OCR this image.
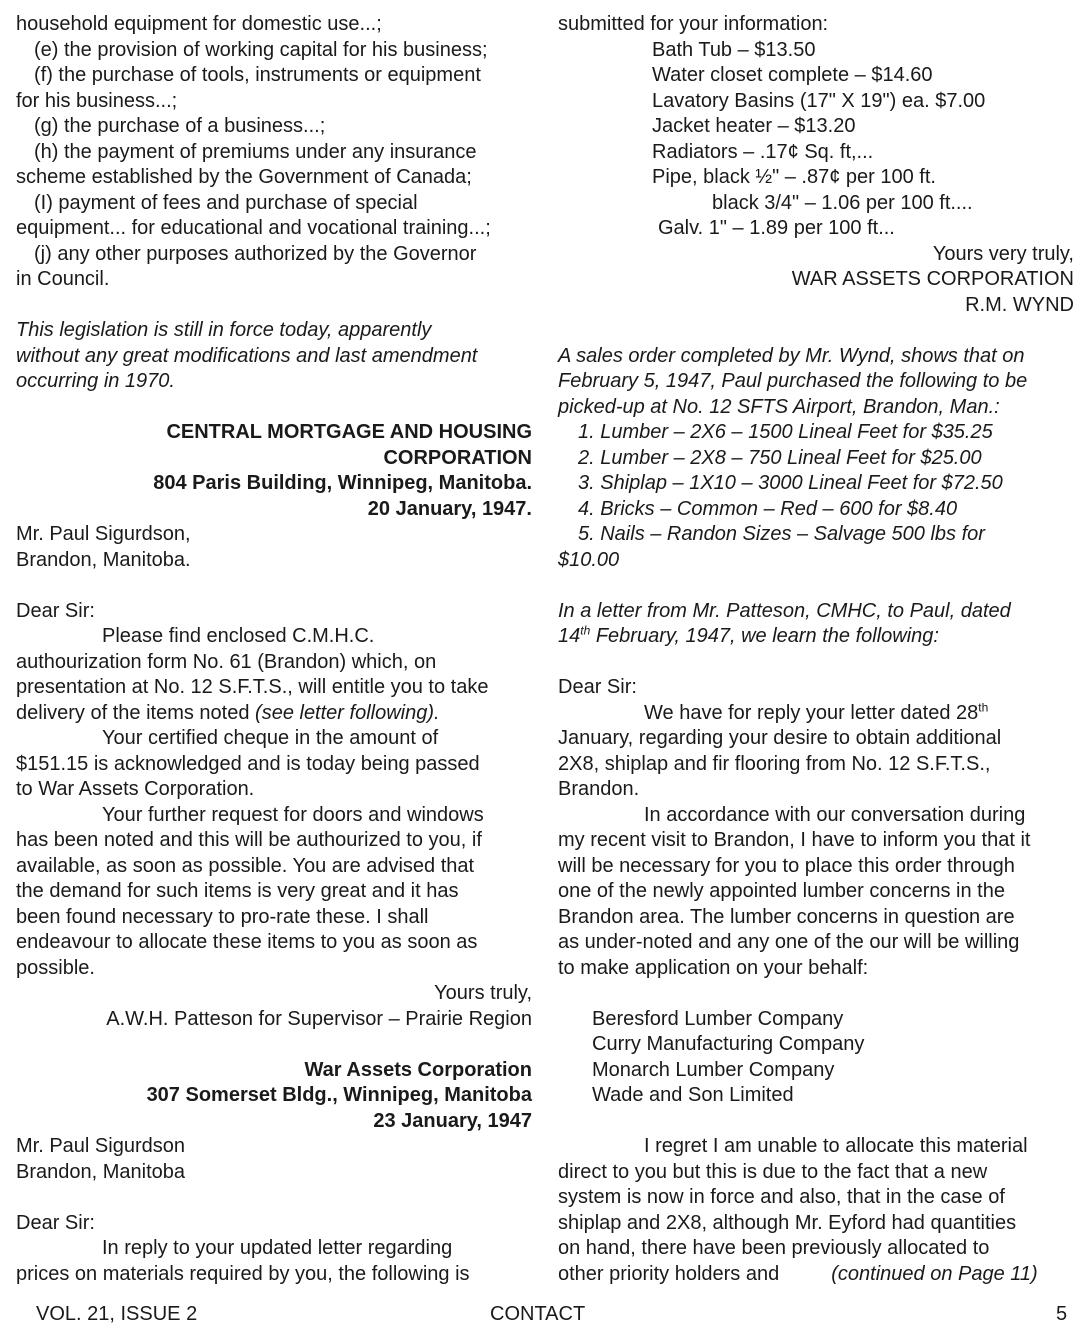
household equipment for domestic use...;

(e) the provision of working capital for his business;

(f) the purchase of tools, instruments or equipment

for his business...;

(g) the purchase of a business...;

(h) the payment of premiums under any insurance

scheme established by the Government of Canada;

(I) payment of fees and purchase of special

equipment... for educational and vocational training...;

(j) any other purposes authorized by the Governor

in Council.

This legislation is still in force today, apparently

without any great modifications and last amendment

occurring in 1970.

CENTRAL MORTGAGE AND HOUSING

CORPORATION

804 Paris Building, Winnipeg, Manitoba.

20 January, 1947.

Mr. Paul Sigurdson,

Brandon, Manitoba.

Dear Sir:

Please find enclosed C.M.H.C.

authourization form No. 61 (Brandon) which, on

presentation at No. 12 S.F.T.S., will entitle you to take

delivery of the items noted (see letter following).

Your certified cheque in the amount of

$151.15 is acknowledged and is today being passed

to War Assets Corporation.

Your further request for doors and windows

has been noted and this will be authourized to you, if

available, as soon as possible. You are advised that

the demand for such items is very great and it has

been found necessary to pro-rate these. I shall

endeavour to allocate these items to you as soon as

possible.

Yours truly,

A.W.H. Patteson for Supervisor – Prairie Region

War Assets Corporation

307 Somerset Bldg., Winnipeg, Manitoba

23 January, 1947

Mr. Paul Sigurdson

Brandon, Manitoba

Dear Sir:

In reply to your updated letter regarding

prices on materials required by you, the following is

submitted for your information:

Bath Tub – $13.50

Water closet complete – $14.60

Lavatory Basins (17" X 19") ea. $7.00

Jacket heater – $13.20

Radiators – .17¢ Sq. ft,...

Pipe, black ½" – .87¢ per 100 ft.

black 3/4" – 1.06 per 100 ft....

Galv. 1" – 1.89 per 100 ft...

Yours very truly,

WAR ASSETS CORPORATION

R.M. WYND

A sales order completed by Mr. Wynd, shows that on

February 5, 1947, Paul purchased the following to be

picked-up at No. 12 SFTS Airport, Brandon, Man.:

1. Lumber – 2X6 – 1500 Lineal Feet for $35.25

2. Lumber – 2X8 – 750 Lineal Feet for $25.00

3. Shiplap – 1X10 – 3000 Lineal Feet for $72.50

4. Bricks – Common – Red – 600 for $8.40

5. Nails – Randon Sizes – Salvage 500 lbs for

$10.00

In a letter from Mr. Patteson, CMHC, to Paul, dated

14th February, 1947, we learn the following:

Dear Sir:

We have for reply your letter dated 28th

January, regarding your desire to obtain additional

2X8, shiplap and fir flooring from No. 12 S.F.T.S.,

Brandon.

In accordance with our conversation during

my recent visit to Brandon, I have to inform you that it

will be necessary for you to place this order through

one of the newly appointed lumber concerns in the

Brandon area. The lumber concerns in question are

as under-noted and any one of the our will be willing

to make application on your behalf:

Beresford Lumber Company

Curry Manufacturing Company

Monarch Lumber Company

Wade and Son Limited

I regret I am unable to allocate this material

direct to you but this is due to the fact that a new

system is now in force and also, that in the case of

shiplap and 2X8, although Mr. Eyford had quantities

on hand, there have been previously allocated to

other priority holders and	(continued on Page 11)

VOL. 21, ISSUE 2	CONTACT	5
